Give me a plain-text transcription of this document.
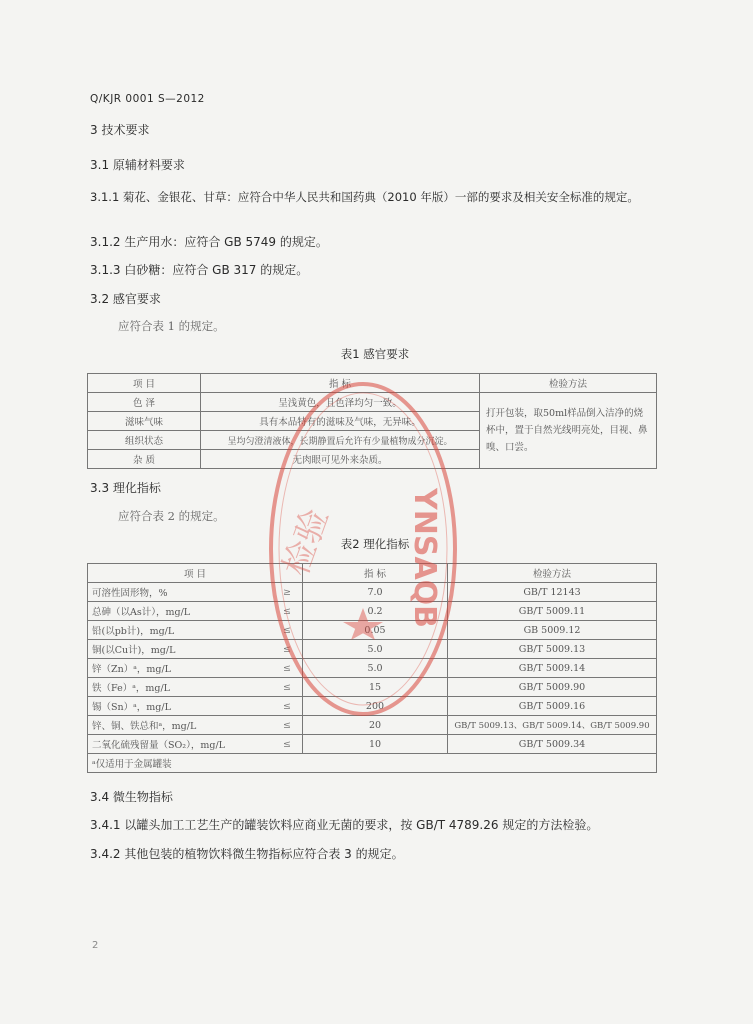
Q/KJR 0001 S—2012
3 技术要求
3.1 原辅材料要求
3.1.1 菊花、金银花、甘草：应符合中华人民共和国药典（2010 年版）一部的要求及相关安全标准的规定。
3.1.2 生产用水：应符合 GB 5749 的规定。
3.1.3 白砂糖：应符合 GB 317 的规定。
3.2 感官要求
应符合表 1 的规定。
表1 感官要求
项 目	指 标	检验方法
色 泽	呈浅黄色，且色泽均匀一致。	打开包装，取50ml样品倒入洁净的烧杯中，置于自然光线明亮处，目视、鼻嗅、口尝。
滋味气味	具有本品特有的滋味及气味，无异味。	
组织状态	呈均匀澄清液体，长期静置后允许有少量植物成分沉淀。	
杂 质	无肉眼可见外来杂质。	
3.3 理化指标
应符合表 2 的规定。
表2 理化指标
项 目		指 标	检验方法
可溶性固形物，%	≥	7.0	GB/T 12143
总砷（以As计），mg/L	≤	0.2	GB/T 5009.11
铅(以pb计)，mg/L	≤	0.05	GB 5009.12
铜(以Cu计)，mg/L	≤	5.0	GB/T 5009.13
锌（Zn）ᵃ，mg/L	≤	5.0	GB/T 5009.14
铁（Fe）ᵃ，mg/L	≤	15	GB/T 5009.90
锡（Sn）ᵃ，mg/L	≤	200	GB/T 5009.16
锌、铜、铁总和ᵃ，mg/L	≤	20	GB/T 5009.13、GB/T 5009.14、GB/T 5009.90
二氧化硫残留量（SO₂），mg/L	≤	10	GB/T 5009.34
ᵃ仅适用于金属罐装			
3.4 微生物指标
3.4.1 以罐头加工工艺生产的罐装饮料应商业无菌的要求，按 GB/T 4789.26 规定的方法检验。
3.4.2 其他包装的植物饮料微生物指标应符合表 3 的规定。
2
YNSAQB
检验
